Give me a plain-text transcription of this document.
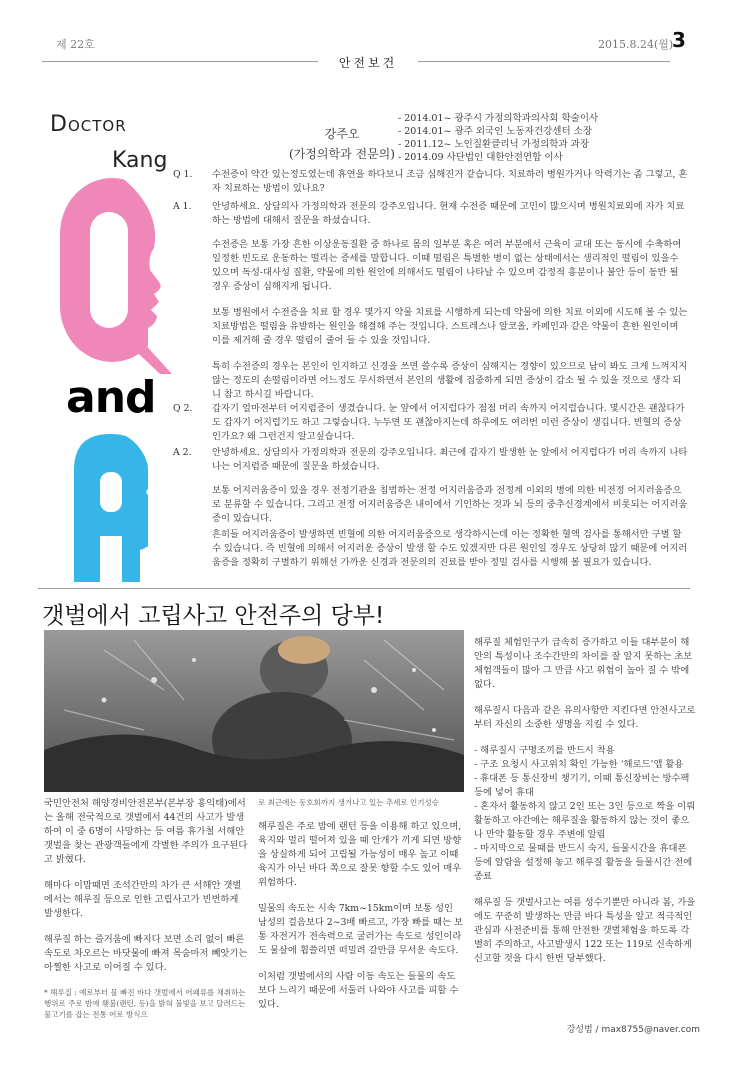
제 22호
안전보건
2015.8.24(월)
3
Doctor
Kang
and
강주오
(가정의학과 전문의)
- 2014.01~ 광주시 가정의학과의사회 학술이사
- 2014.01~ 광주 외국인 노동자건강센터 소장
- 2011.12~ 노인질환클리닉 가정의학과 과장
- 2014.09 사단법인 대한안전연합 이사
Q 1. 수전증이 약간 있는정도였는데 휴연을 하다보니 조금 심해진거 같습니다. 치료하러 병원가거나 악력기는 좀 그렇고, 혼자 치료하는 방법이 있나요?
A 1. 안녕하세요. 상담의사 가정의학과 전문의 강주오입니다. 현재 수전증 때문에 고민이 많으시며 병원치료외에 자가 치료하는 방법에 대해서 질문을 하셨습니다.
수전증은 보통 가장 흔한 이상운동질환 중 하나로 몸의 일부분 혹은 여러 부분에서 근육이 교대 또는 동시에 수축하여 일정한 빈도로 운동하는 떨리는 증세를 말합니다. 이때 떨림은 특별한 병이 없는 상태에서는 생리적인 떨림이 있을수 있으며 독성-대사성 질환, 약물에 의한 원인에 의해서도 떨림이 나타날 수 있으며 감정적 흥분이나 불안 등이 동반 될 경우 증상이 심해지게 됩니다.
보통 병원에서 수전증을 치료 할 경우 몇가지 약물 치료를 시행하게 되는데 약물에 의한 치료 이외에 시도해 볼 수 있는 치료방법은 떨림을 유발하는 원인을 해결해 주는 것입니다. 스트레스나 알코올, 카페인과 같은 약물이 흔한 원인이며 이를 제거해 줄 경우 떨림이 줄어 들 수 있을 것입니다.
특히 수전증의 경우는 본인이 인지하고 신경을 쓰면 쓸수록 증상이 심해지는 경향이 있으므로 남이 봐도 크게 느껴지지 않는 정도의 손떨림이라면 어느정도 무시하면서 본인의 생활에 집중하게 되면 증상이 감소 될 수 있을 것으로 생각 되니 참고 하시길 바랍니다.
Q 2. 갑자기 얼마전부터 어지럼증이 생겼습니다. 눈 앞에서 어지럽다가 점점 머리 속까지 어지럽습니다. 몇시간은 괜찮다가도 갑자기 어지럽기도 하고 그렇습니다. 누두면 또 괜찮아지는데 하루에도 여러번 이런 증상이 생깁니다. 빈혈의 증상인가요? 왜 그런건지 알고싶습니다.
A 2. 안녕하세요. 상담의사 가정의학과 전문의 강주오입니다. 최근에 갑자기 발생한 눈 앞에서 어지럽다가 머리 속까지 나타나는 어지럼증 때문에 질문을 하셨습니다.
보통 어지러움증이 있을 경우 전정기관을 침범하는 전정 어지러움증과 전정계 이외의 병에 의한 비전정 어지러움증으로 분류할 수 있습니다. 그리고 전정 어지러움증은 내이에서 기인하는 것과 뇌 등의 중추신경계에서 비롯되는 어지러움증이 있습니다.
흔히들 어지러움증이 발생하면 빈혈에 의한 어지러움증으로 생각하시는데 이는 정확한 혈액 검사를 통해서만 구별 할 수 있습니다. 즉 빈혈에 의해서 어지러운 증상이 발생 할 수도 있겠지만 다른 원인일 경우도 상당히 많기 때문에 어지러움증을 정확히 구별하기 위해선 가까운 신경과 전문의의 진료를 받아 정밀 검사를 시행해 볼 필요가 있습니다.
갯벌에서 고립사고 안전주의 당부!
국민안전처 해양경비안전본부(본부장 홍익태)에서는 올해 전국적으로 갯벌에서 44건의 사고가 발생하여 이 중 6명이 사망하는 등 여름 휴가철 서해안 갯벌을 찾는 관광객들에게 각별한 주의가 요구된다고 밝혔다.
해마다 이맘때면 조석간만의 차가 큰 서해안 갯벌에서는 해루질 등으로 인한 고립사고가 빈번하게 발생한다.
해루질 하는 즐거움에 빠지다 보면 소리 없이 빠른 속도로 차오르는 바닷물에 빠져 목숨마저 빼앗기는 아찔한 사고로 이어질 수 있다.
* 해루질 : 예로부터 물 빠진 바다 갯벌에서 어패류를 채취하는 행위로 주로 밤에 횃불(랜턴, 등)을 밝혀 불빛을 보고 달려드는 물고기를 잡는 전통 어로 방식으
로 최근에는 동호회까지 생겨나고 있는 추세로 인기성승
해루질은 주로 밤에 랜턴 등을 이용해 하고 있으며, 육지와 멀리 떨어져 있을 때 안개가 끼게 되면 방향을 상실하게 되어 고립될 가능성이 매우 높고 이때 육지가 아닌 바다 쪽으로 잘못 향할 수도 있어 매우 위험하다.
밀물의 속도는 시속 7km~15km이며 보통 성인 남성의 걸음보다 2~3배 빠르고, 가장 빠를 때는 보통 자전거가 전속력으로 굴러가는 속도로 성인이라도 물살에 휩쓸리면 떠밀려 갈만큼 무서운 속도다.
이처럼 갯벌에서의 사람 이동 속도는 들물의 속도보다 느리기 때문에 서둘러 나와야 사고를 피할 수 있다.
해루질 체험인구가 급속히 증가하고 이들 대부분이 해안의 특성이나 조수간만의 차이를 잘 알지 못하는 초보 체험객들이 많아 그 만큼 사고 위험이 높아 질 수 밖에 없다.
해루질시 다음과 같은 유의사항만 지킨다면 안전사고로부터 자신의 소중한 생명을 지킬 수 있다.
- 해루질시 구명조끼를 반드시 착용
- 구조 요청시 사고위치 확인 가능한 ‘해로드’앱 활용
- 휴대폰 등 통신장비 챙기기, 이때 통신장비는 방수팩 등에 넣어 휴대
- 혼자서 활동하지 않고 2인 또는 3인 등으로 짝을 이뤄 활동하고 야간에는 해루질을 활동하지 않는 것이 좋으나 만약 활동할 경우 주변에 알림
- 마지막으로 물때를 반드시 숙지, 들물시간을 휴대폰 등에 알람을 설정해 놓고 해루질 활동을 들물시간 전에 종료
해루질 등 갯벌사고는 여름 성수기뿐만 아니라 봄, 가을에도 꾸준히 발생하는 만큼 바다 특성을 알고 적극적인 관심과 사전준비를 통해 안전한 갯벌체험을 하도록 각별히 주의하고, 사고발생시 122 또는 119로 신속하게 신고할 것을 다시 한번 당부했다.
강성범 / max8755@naver.com
